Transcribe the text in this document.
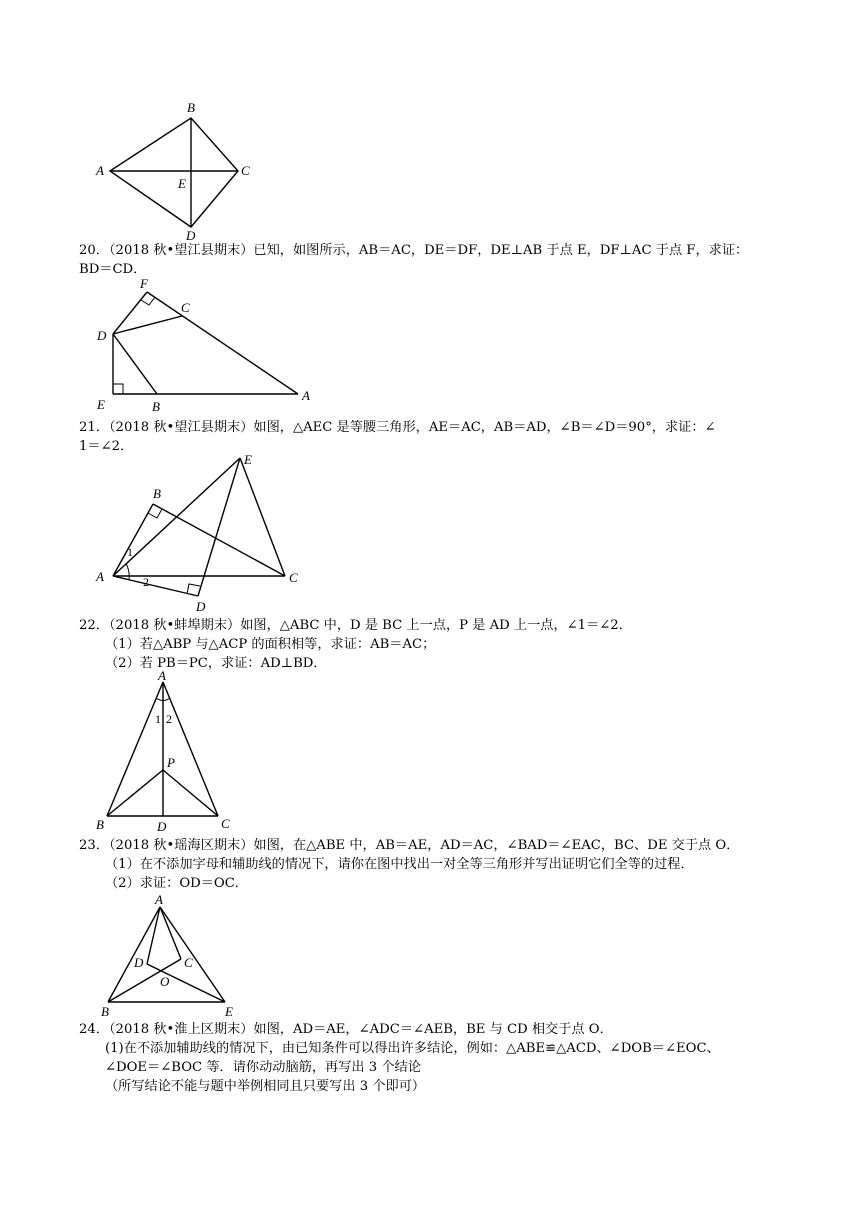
A
B
C
D
E

20．（2018 秋•望江县期末）已知，如图所示，AB＝AC，DE＝DF，DE⊥AB 于点 E，DF⊥AC 于点 F，求证：

BD＝CD．

F
C
D
E	B
A

21．（2018 秋•望江县期末）如图，△AEC 是等腰三角形，AE＝AC，AB＝AD，∠B＝∠D＝90°，求证：∠

1＝∠2．

E
B
A	C
D
1
2

22．（2018 秋•蚌埠期末）如图，△ABC 中，D 是 BC 上一点，P 是 AD 上一点，∠1＝∠2．

（1）若△ABP 与△ACP 的面积相等，求证：AB＝AC；

（2）若 PB＝PC，求证：AD⊥BD．

A
P
B	D	C
1 2

23．（2018 秋•瑶海区期末）如图，在△ABE 中，AB＝AE，AD＝AC，∠BAD＝∠EAC，BC、DE 交于点 O．

（1）在不添加字母和辅助线的情况下，请你在图中找出一对全等三角形并写出证明它们全等的过程．

（2）求证：OD＝OC．

A
D	C
O
B	E

24．（2018 秋•淮上区期末）如图，AD＝AE，∠ADC＝∠AEB，BE 与 CD 相交于点 O．

(1)在不添加辅助线的情况下，由已知条件可以得出许多结论，例如：△ABE≌△ACD、∠DOB＝∠EOC、

∠DOE＝∠BOC 等．请你动动脑筋，再写出 3 个结论

（所写结论不能与题中举例相同且只要写出 3 个即可）
